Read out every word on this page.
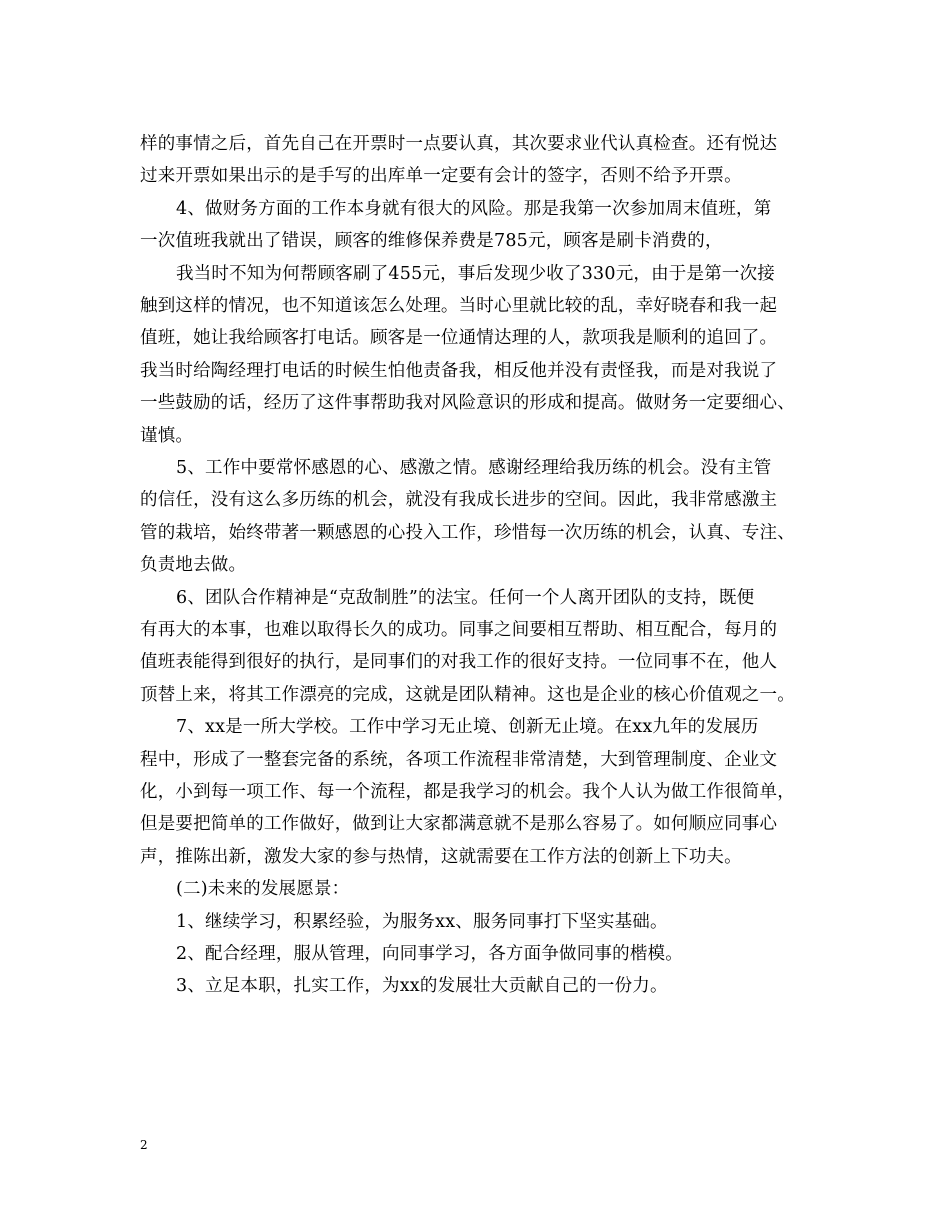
样的事情之后，首先自己在开票时一点要认真，其次要求业代认真检查。还有悦达
过来开票如果出示的是手写的出库单一定要有会计的签字，否则不给予开票。
4、做财务方面的工作本身就有很大的风险。那是我第一次参加周末值班，第
一次值班我就出了错误，顾客的维修保养费是785元，顾客是刷卡消费的，
我当时不知为何帮顾客刷了455元，事后发现少收了330元，由于是第一次接
触到这样的情况，也不知道该怎么处理。当时心里就比较的乱，幸好晓春和我一起
值班，她让我给顾客打电话。顾客是一位通情达理的人，款项我是顺利的追回了。
我当时给陶经理打电话的时候生怕他责备我，相反他并没有责怪我，而是对我说了
一些鼓励的话，经历了这件事帮助我对风险意识的形成和提高。做财务一定要细心、
谨慎。
5、工作中要常怀感恩的心、感激之情。感谢经理给我历练的机会。没有主管
的信任，没有这么多历练的机会，就没有我成长进步的空间。因此，我非常感激主
管的栽培，始终带著一颗感恩的心投入工作，珍惜每一次历练的机会，认真、专注、
负责地去做。
6、团队合作精神是“克敌制胜”的法宝。任何一个人离开团队的支持，既便
有再大的本事，也难以取得长久的成功。同事之间要相互帮助、相互配合，每月的
值班表能得到很好的执行，是同事们的对我工作的很好支持。一位同事不在，他人
顶替上来，将其工作漂亮的完成，这就是团队精神。这也是企业的核心价值观之一。
7、xx是一所大学校。工作中学习无止境、创新无止境。在xx九年的发展历
程中，形成了一整套完备的系统，各项工作流程非常清楚，大到管理制度、企业文
化，小到每一项工作、每一个流程，都是我学习的机会。我个人认为做工作很简单，
但是要把简单的工作做好，做到让大家都满意就不是那么容易了。如何顺应同事心
声，推陈出新，激发大家的参与热情，这就需要在工作方法的创新上下功夫。
(二)未来的发展愿景：
1、继续学习，积累经验，为服务xx、服务同事打下坚实基础。
2、配合经理，服从管理，向同事学习，各方面争做同事的楷模。
3、立足本职，扎实工作，为xx的发展壮大贡献自己的一份力。
2
